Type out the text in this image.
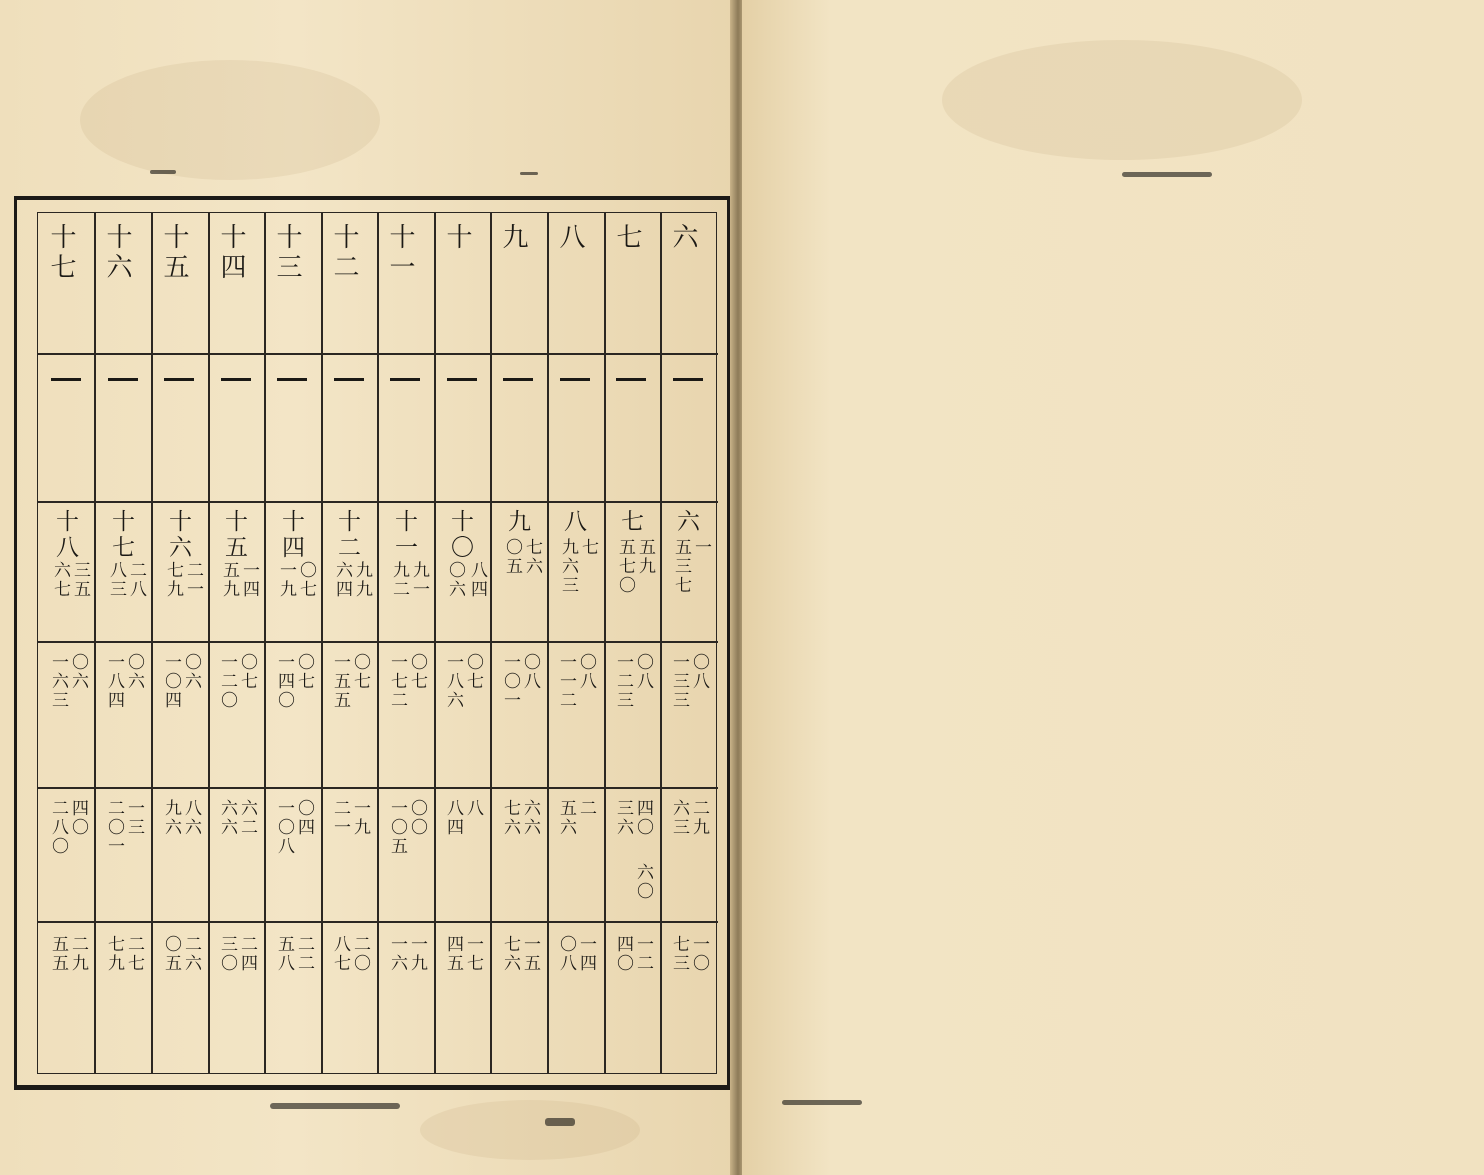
六
七
八
九
十
十一
十二
十三
十四
十五
十六
十七
六
一
五三七
七
五九
五七〇
八
七
九六三
九
七六
〇五
十〇
八四
〇六
十一
九一
九二
十二
九九
六四
十四
〇七
一九
十五
一四
五九
十六
二一
七九
十七
二八
八三
十八
三五
六七
〇八
一三三
〇八
一二三
〇八
一一二
〇八
一〇一
〇七
一八六
〇七
一七二
〇七
一五五
〇七
一四〇
〇七
一二〇
〇六
一〇四
〇六
一八四
〇六
一六三
二九
六三
四〇
三六
二
五六
六六
七六
八
八四
〇〇
一〇五
一九
二一
〇四
一〇八
六二
六六
八六
九六
一三
二〇一
四〇
二八〇
六〇
一〇
七三
一二
四〇
一四
〇八
一五
七六
一七
四五
一九
一六
二〇
八七
二二
五八
二四
三〇
二六
〇五
二七
七九
二九
五五
